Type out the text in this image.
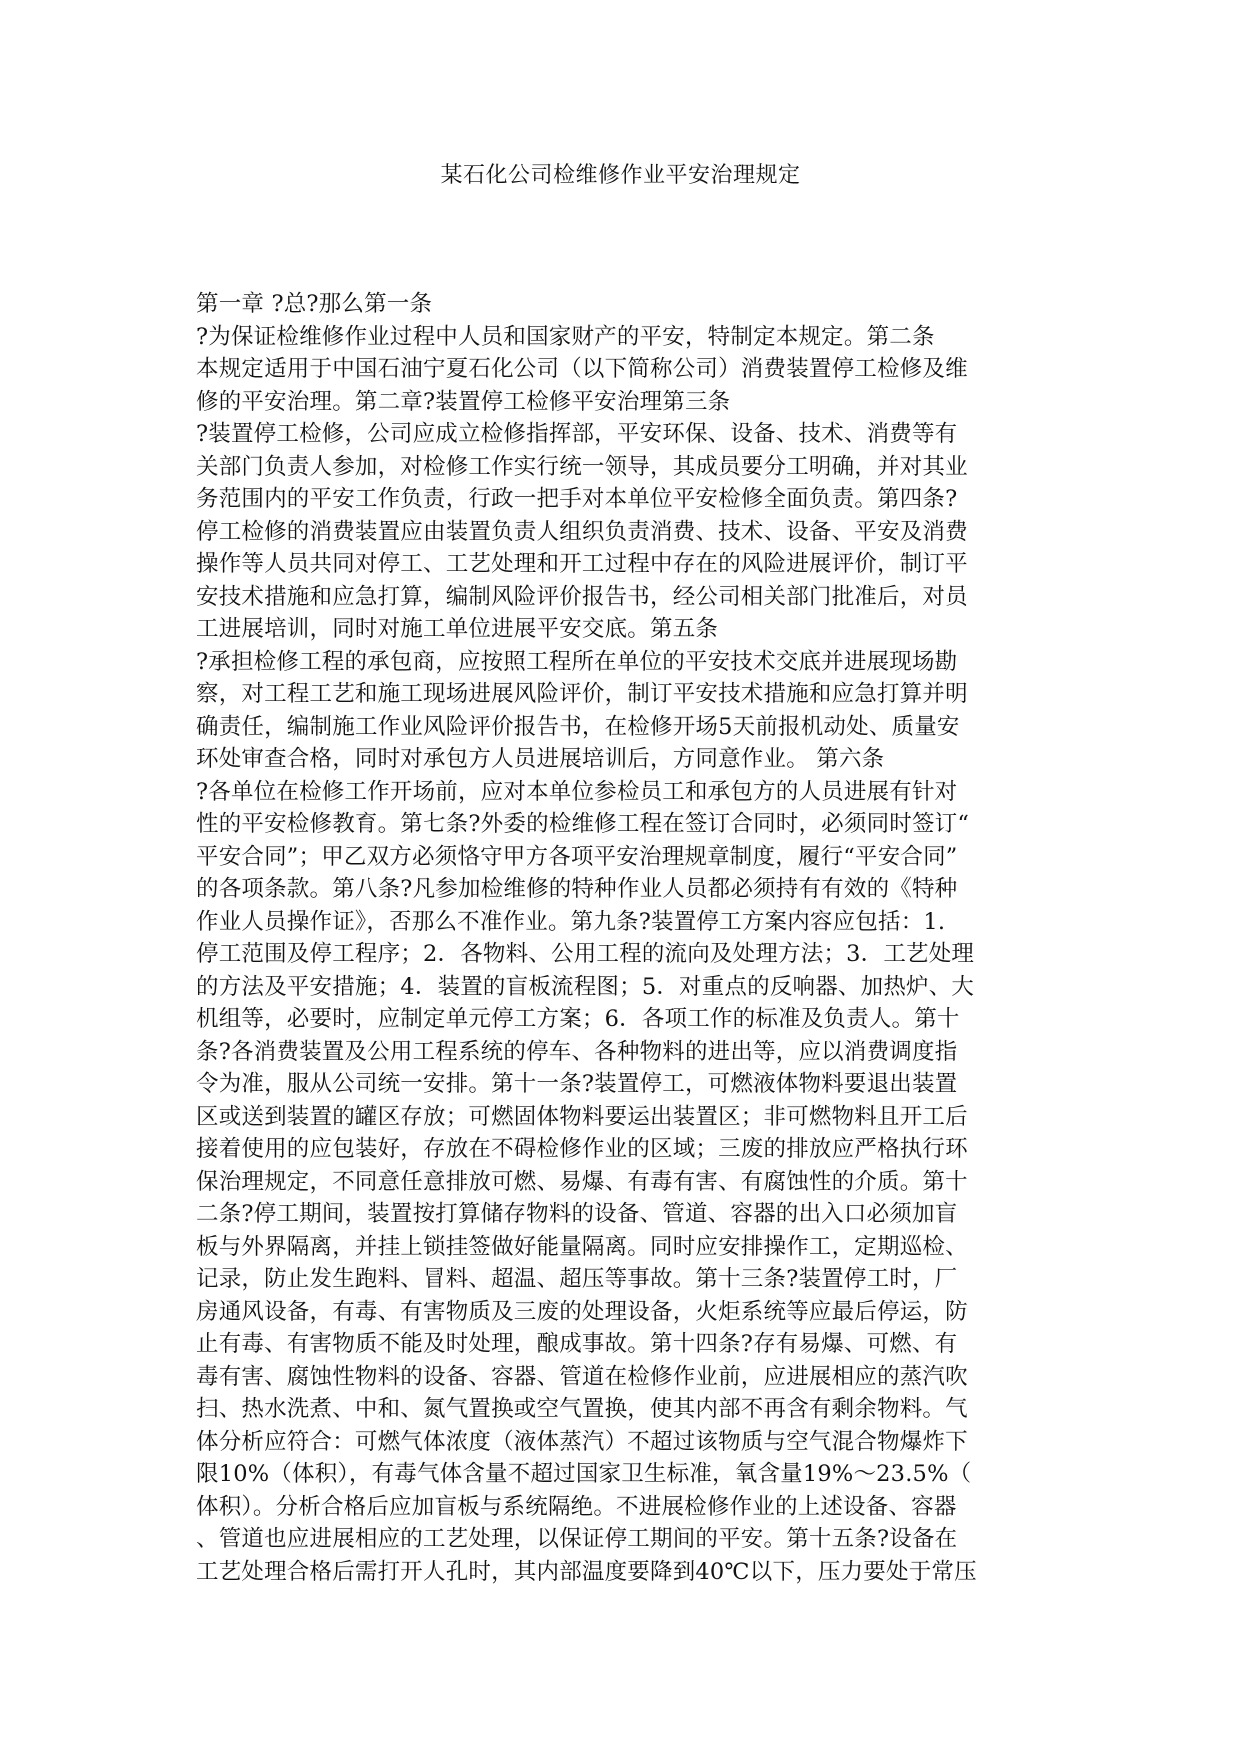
某石化公司检维修作业平安治理规定
第一章 ?总?那么第一条
?为保证检维修作业过程中人员和国家财产的平安，特制定本规定。第二条
本规定适用于中国石油宁夏石化公司（以下简称公司）消费装置停工检修及维
修的平安治理。第二章?装置停工检修平安治理第三条
?装置停工检修，公司应成立检修指挥部，平安环保、设备、技术、消费等有
关部门负责人参加，对检修工作实行统一领导，其成员要分工明确，并对其业
务范围内的平安工作负责，行政一把手对本单位平安检修全面负责。第四条?
停工检修的消费装置应由装置负责人组织负责消费、技术、设备、平安及消费
操作等人员共同对停工、工艺处理和开工过程中存在的风险进展评价，制订平
安技术措施和应急打算，编制风险评价报告书，经公司相关部门批准后，对员
工进展培训，同时对施工单位进展平安交底。第五条
?承担检修工程的承包商，应按照工程所在单位的平安技术交底并进展现场勘
察，对工程工艺和施工现场进展风险评价，制订平安技术措施和应急打算并明
确责任，编制施工作业风险评价报告书，在检修开场5天前报机动处、质量安
环处审查合格，同时对承包方人员进展培训后，方同意作业。 第六条
?各单位在检修工作开场前，应对本单位参检员工和承包方的人员进展有针对
性的平安检修教育。第七条?外委的检维修工程在签订合同时，必须同时签订“
平安合同”；甲乙双方必须恪守甲方各项平安治理规章制度，履行“平安合同”
的各项条款。第八条?凡参加检维修的特种作业人员都必须持有有效的《特种
作业人员操作证》，否那么不准作业。第九条?装置停工方案内容应包括：1.
停工范围及停工程序；2．各物料、公用工程的流向及处理方法；3．工艺处理
的方法及平安措施；4．装置的盲板流程图；5．对重点的反响器、加热炉、大
机组等，必要时，应制定单元停工方案；6．各项工作的标准及负责人。第十
条?各消费装置及公用工程系统的停车、各种物料的进出等，应以消费调度指
令为准，服从公司统一安排。第十一条?装置停工，可燃液体物料要退出装置
区或送到装置的罐区存放；可燃固体物料要运出装置区；非可燃物料且开工后
接着使用的应包装好，存放在不碍检修作业的区域；三废的排放应严格执行环
保治理规定，不同意任意排放可燃、易爆、有毒有害、有腐蚀性的介质。第十
二条?停工期间，装置按打算储存物料的设备、管道、容器的出入口必须加盲
板与外界隔离，并挂上锁挂签做好能量隔离。同时应安排操作工，定期巡检、
记录，防止发生跑料、冒料、超温、超压等事故。第十三条?装置停工时，厂
房通风设备，有毒、有害物质及三废的处理设备，火炬系统等应最后停运，防
止有毒、有害物质不能及时处理，酿成事故。第十四条?存有易爆、可燃、有
毒有害、腐蚀性物料的设备、容器、管道在检修作业前，应进展相应的蒸汽吹
扫、热水洗煮、中和、氮气置换或空气置换，使其内部不再含有剩余物料。气
体分析应符合：可燃气体浓度（液体蒸汽）不超过该物质与空气混合物爆炸下
限10%（体积），有毒气体含量不超过国家卫生标准，氧含量19%～23.5%（
体积）。分析合格后应加盲板与系统隔绝。不进展检修作业的上述设备、容器
、管道也应进展相应的工艺处理，以保证停工期间的平安。第十五条?设备在
工艺处理合格后需打开人孔时，其内部温度要降到40℃以下，压力要处于常压
